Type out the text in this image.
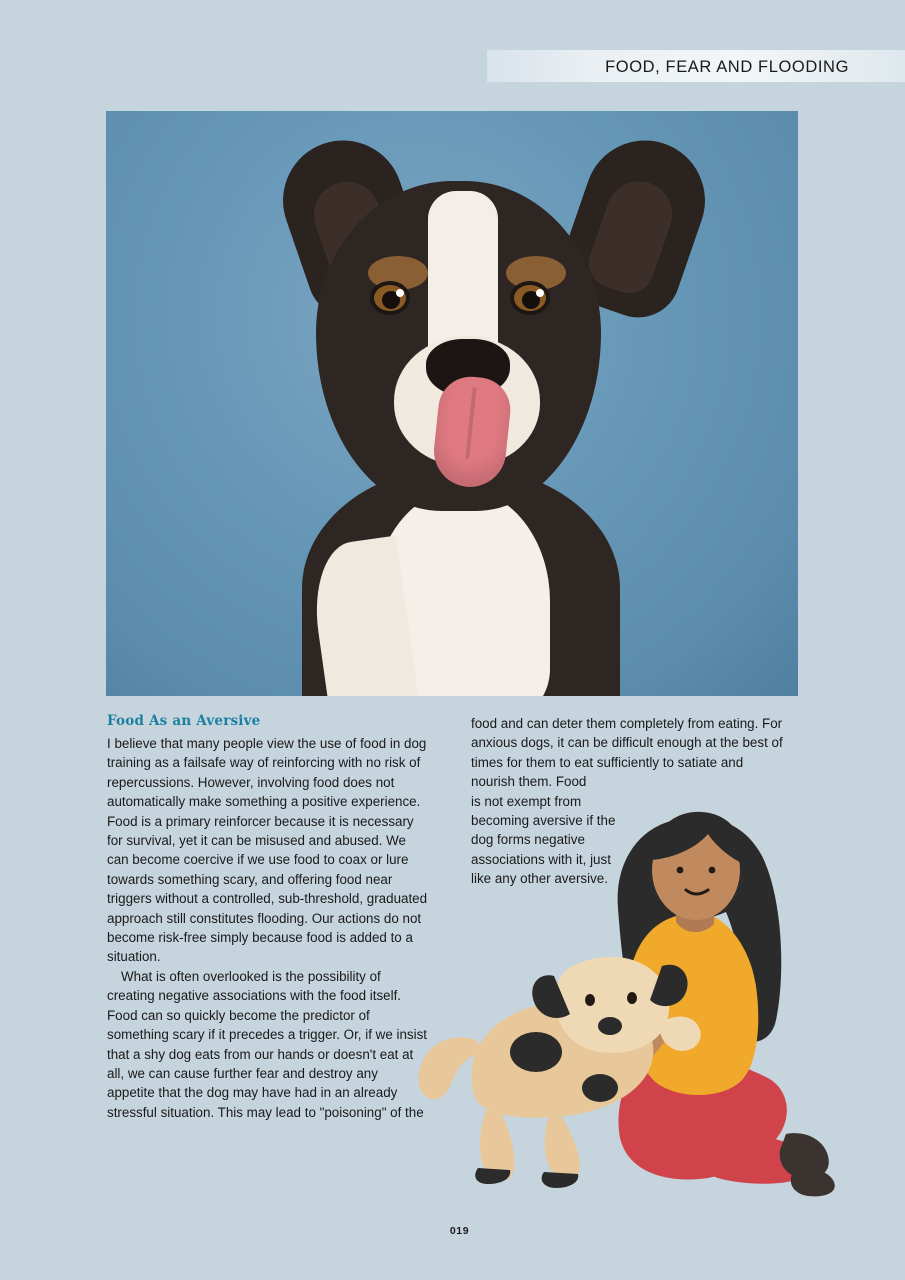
FOOD, FEAR AND FLOODING
Food As an Aversive

I believe that many people view the use of food in dog training as a failsafe way of reinforcing with no risk of repercussions. However, involving food does not automatically make something a positive experience. Food is a primary reinforcer because it is necessary for survival, yet it can be misused and abused. We can become coercive if we use food to coax or lure towards something scary, and offering food near triggers without a controlled, sub-threshold, graduated approach still constitutes flooding. Our actions do not become risk-free simply because food is added to a situation.

What is often overlooked is the possibility of creating negative associations with the food itself. Food can so quickly become the predictor of something scary if it precedes a trigger. Or, if we insist that a shy dog eats from our hands or doesn't eat at all, we can cause further fear and destroy any appetite that the dog may have had in an already stressful situation. This may lead to "poisoning" of the

food and can deter them completely from eating. For anxious dogs, it can be difficult enough at the best of times for them to eat sufficiently to satiate and nourish them. Food

is not exempt from becoming aversive if the dog forms negative associations with it, just like any other aversive.

019
